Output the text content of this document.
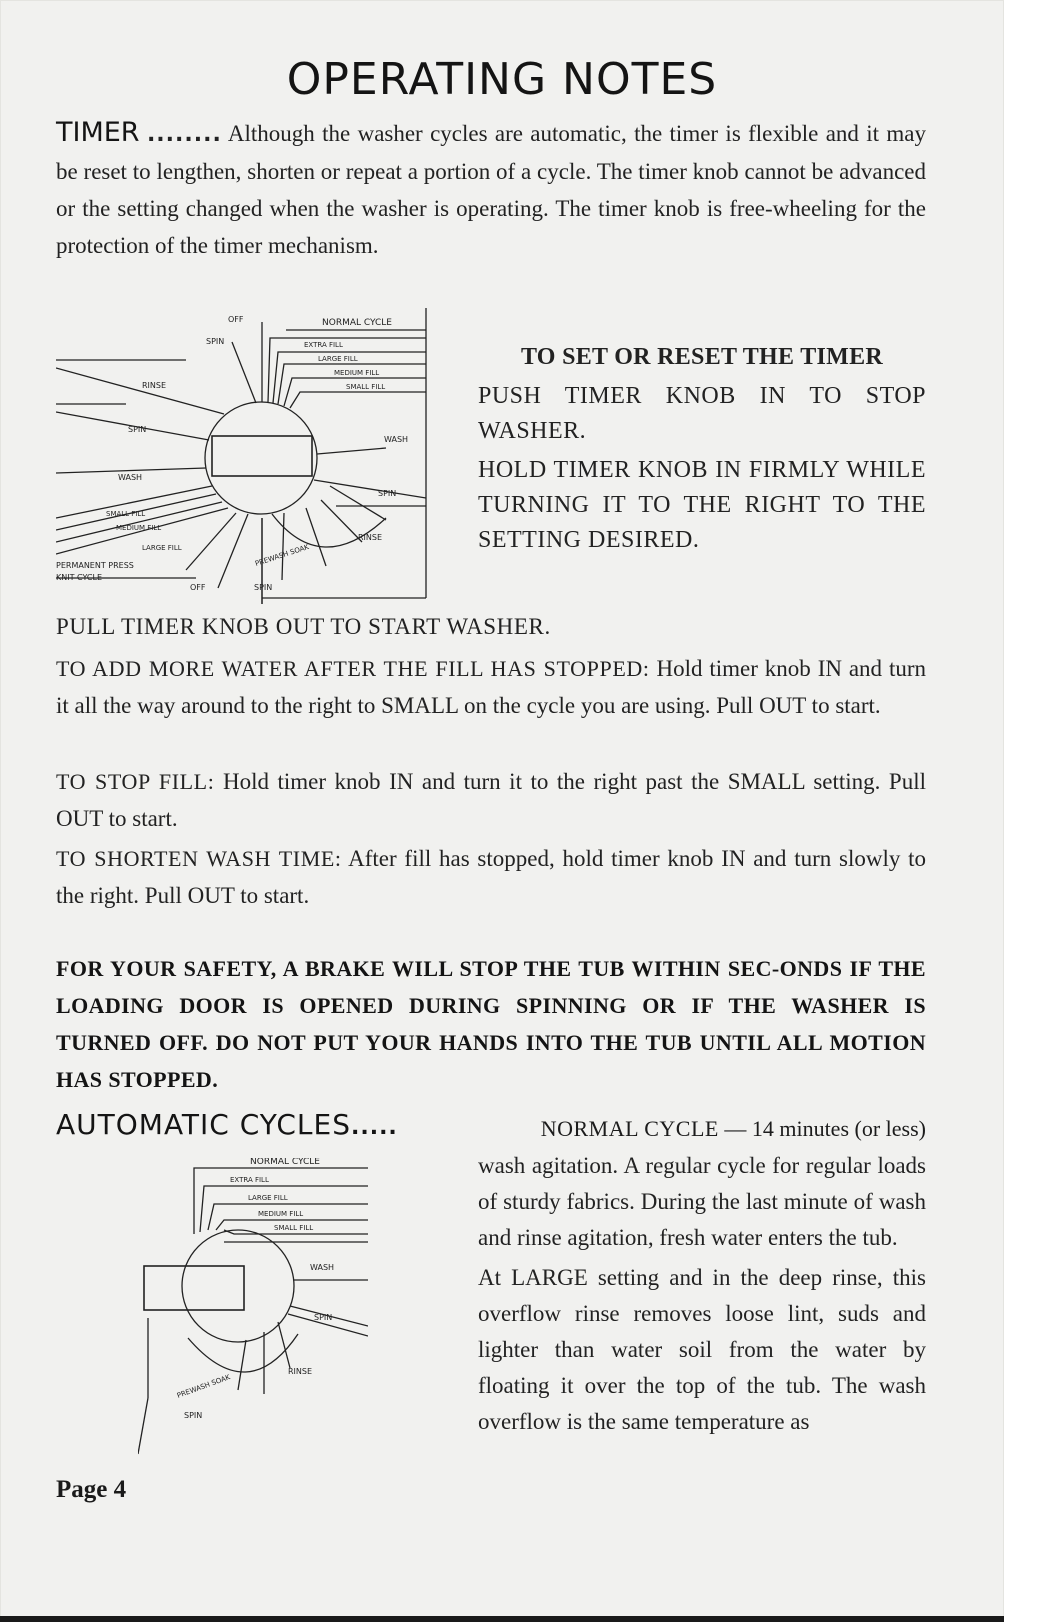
OPERATING NOTES
TIMER ........ Although the washer cycles are automatic, the timer is flexible and it may be reset to lengthen, shorten or repeat a portion of a cycle. The timer knob cannot be advanced or the setting changed when the washer is operating. The timer knob is free-wheeling for the protection of the timer mechanism.
OFF	NORMAL CYCLE
SPIN	EXTRA FILL
LARGE FILL
MEDIUM FILL
SMALL FILL
RINSE
SPIN
WASH
WASH
SPIN
SMALL FILL
MEDIUM FILL
LARGE FILL
RINSE
PREWASH SOAK
PERMANENT PRESS
KNIT CYCLE
OFF	SPIN
TO SET OR RESET THE TIMER
PUSH TIMER KNOB IN TO STOP WASHER.
HOLD TIMER KNOB IN FIRMLY WHILE TURNING IT TO THE RIGHT TO THE SETTING DESIRED.
PULL TIMER KNOB OUT TO START WASHER.
TO ADD MORE WATER AFTER THE FILL HAS STOPPED: Hold timer knob IN and turn it all the way around to the right to SMALL on the cycle you are using. Pull OUT to start.
TO STOP FILL: Hold timer knob IN and turn it to the right past the SMALL setting. Pull OUT to start.
TO SHORTEN WASH TIME: After fill has stopped, hold timer knob IN and turn slowly to the right. Pull OUT to start.
FOR YOUR SAFETY, A BRAKE WILL STOP THE TUB WITHIN SEC-ONDS IF THE LOADING DOOR IS OPENED DURING SPINNING OR IF THE WASHER IS TURNED OFF. DO NOT PUT YOUR HANDS INTO THE TUB UNTIL ALL MOTION HAS STOPPED.
AUTOMATIC CYCLES.....	NORMAL CYCLE — 14 minutes (or less)
NORMAL CYCLE
EXTRA FILL
LARGE FILL
MEDIUM FILL
SMALL FILL
WASH
SPIN
RINSE
PREWASH SOAK
SPIN
wash agitation. A regular cycle for regular loads of sturdy fabrics. During the last minute of wash and rinse agitation, fresh water enters the tub.
At LARGE setting and in the deep rinse, this overflow rinse removes loose lint, suds and lighter than water soil from the water by floating it over the top of the tub. The wash overflow is the same temperature as
Page 4
